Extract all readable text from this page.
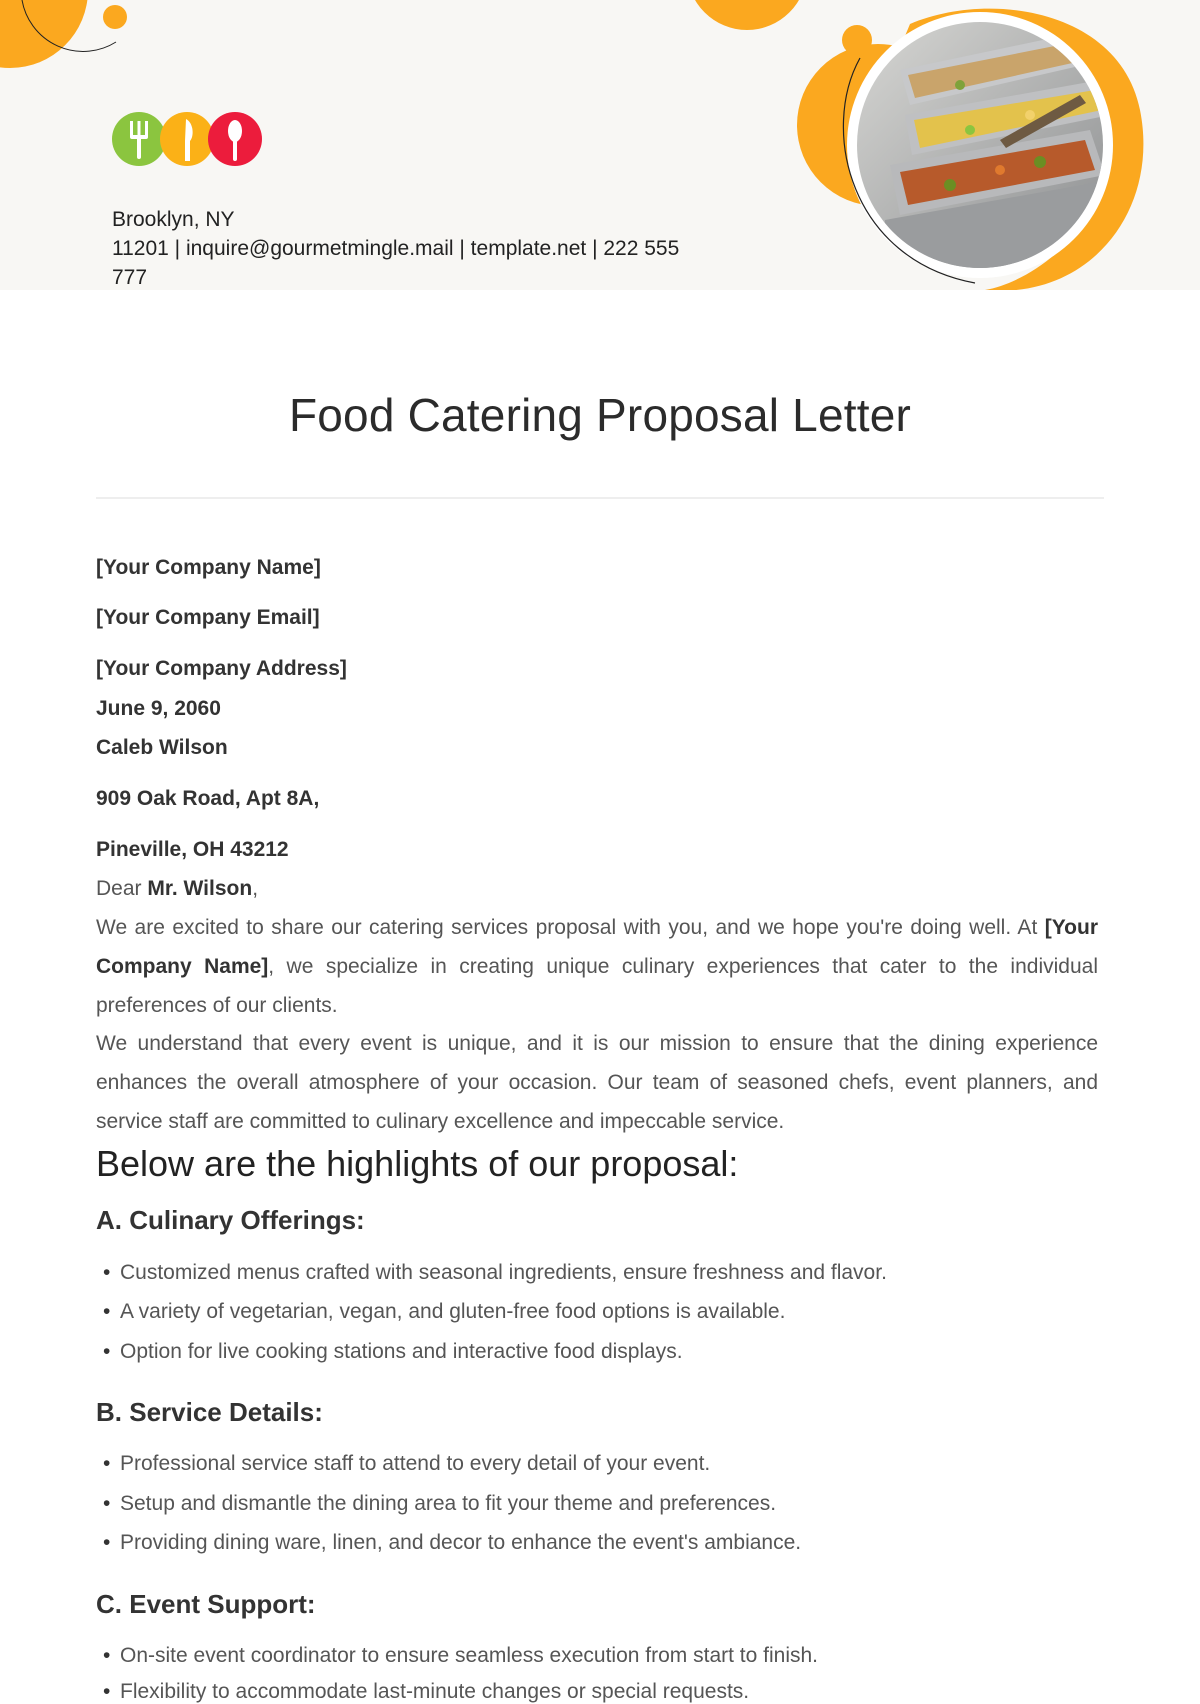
Brooklyn, NY
11201 | inquire@gourmetmingle.mail | template.net | 222 555
777
Food Catering Proposal Letter
[Your Company Name]
[Your Company Email]
[Your Company Address]
June 9, 2060
Caleb Wilson
909 Oak Road, Apt 8A,
Pineville, OH 43212
Dear Mr. Wilson,

We are excited to share our catering services proposal with you, and we hope you're doing well. At [Your Company Name], we specialize in creating unique culinary experiences that cater to the individual preferences of our clients.

We understand that every event is unique, and it is our mission to ensure that the dining experience enhances the overall atmosphere of your occasion. Our team of seasoned chefs, event planners, and service staff are committed to culinary excellence and impeccable service.

Below are the highlights of our proposal:
A. Culinary Offerings:
• Customized menus crafted with seasonal ingredients, ensure freshness and flavor.
• A variety of vegetarian, vegan, and gluten-free food options is available.
• Option for live cooking stations and interactive food displays.
B. Service Details:
• Professional service staff to attend to every detail of your event.
• Setup and dismantle the dining area to fit your theme and preferences.
• Providing dining ware, linen, and decor to enhance the event's ambiance.
C. Event Support:
• On-site event coordinator to ensure seamless execution from start to finish.
• Flexibility to accommodate last-minute changes or special requests.
